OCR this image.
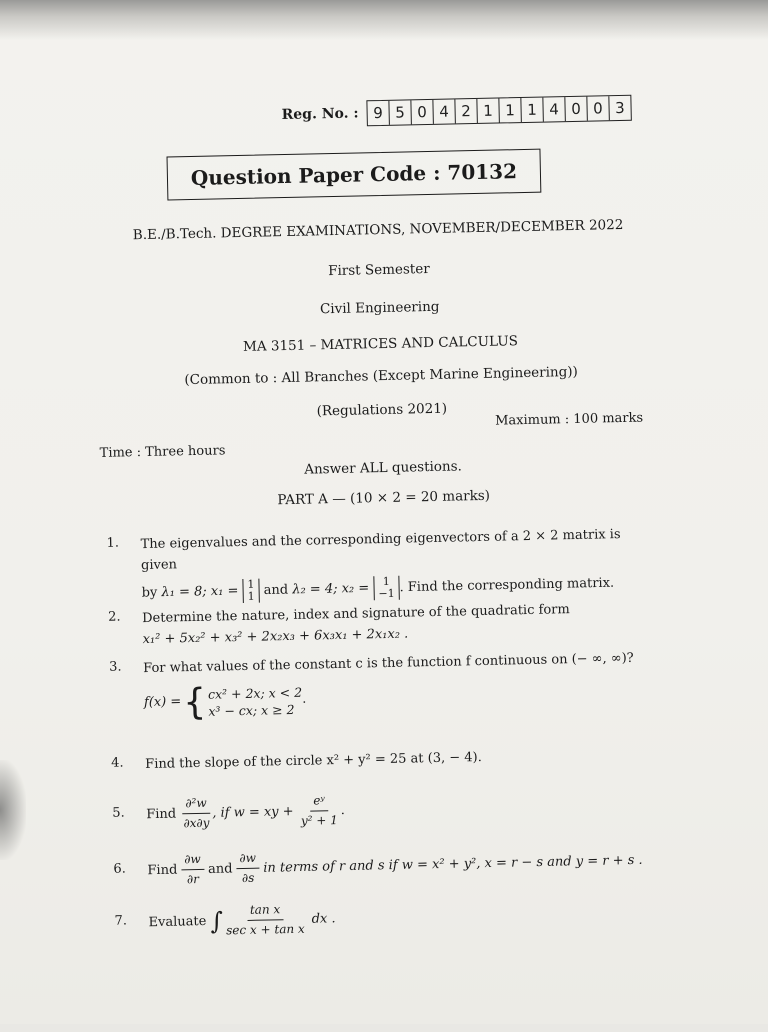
Reg. No. : 9 5 0 4 2 1 1 1 4 0 0 3
Question Paper Code : 70132
B.E./B.Tech. DEGREE EXAMINATIONS, NOVEMBER/DECEMBER 2022
First Semester
Civil Engineering
MA 3151 – MATRICES AND CALCULUS
(Common to : All Branches (Except Marine Engineering))
(Regulations 2021)
Time : Three hours
Maximum : 100 marks
Answer ALL questions.
PART A — (10 × 2 = 20 marks)
1. The eigenvalues and the corresponding eigenvectors of a 2 × 2 matrix is given
by λ₁ = 8; x₁ = 1
1 and λ₂ = 4; x₂ = 1
−1 . Find the corresponding matrix.
2. Determine the nature, index and signature of the quadratic form
x₁² + 5x₂² + x₃² + 2x₂x₃ + 6x₃x₁ + 2x₁x₂ .
3. For what values of the constant c is the function f continuous on (− ∞, ∞)?
f(x) = { cx² + 2x; x < 2
x³ − cx; x ≥ 2
.
4. Find the slope of the circle x² + y² = 25 at (3, − 4).
5. Find $\frac{\text{∂²w}}{\partial x\partial y}$ , if w = xy + $\frac{\text{eʸ}}{\text{y² + 1}}$ .
6. Find $\frac{\partial w}{\partial r}$ and $\frac{\partial w}{\partial s}$ in terms of r and s if w = x² + y², x = r − s and y = r + s .
7. Evaluate ∫ $\frac{\text{tan x}}{\text{sec x + tan x}}$ dx .
